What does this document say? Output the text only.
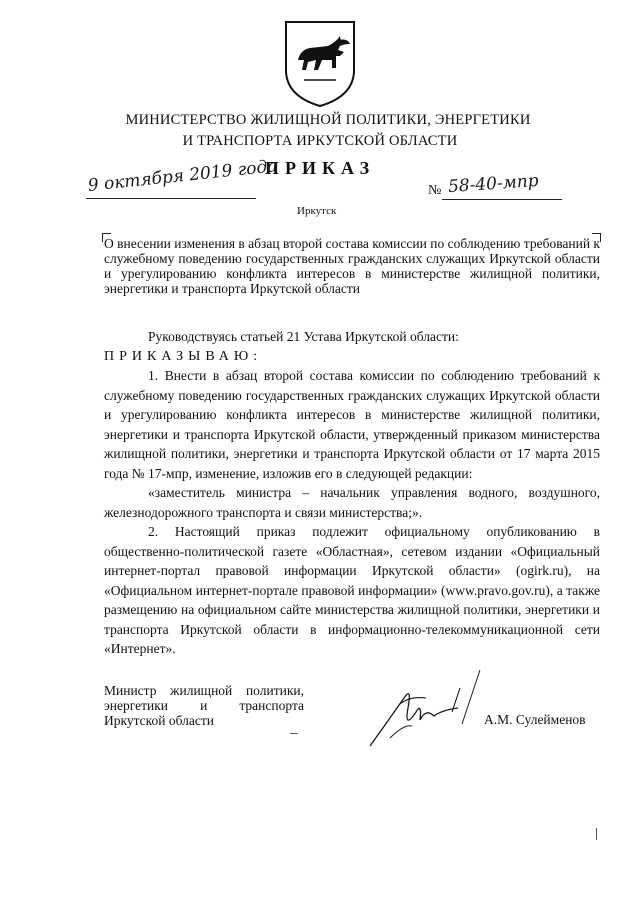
МИНИСТЕРСТВО ЖИЛИЩНОЙ ПОЛИТИКИ, ЭНЕРГЕТИКИ
И ТРАНСПОРТА ИРКУТСКОЙ ОБЛАСТИ
ПРИКАЗ
9 октября 2019 года	№ 58-40-мпр
Иркутск
О внесении изменения в абзац второй состава комиссии по соблюдению требований к служебному поведению государственных гражданских служащих Иркутской области и урегулированию конфликта интересов в министерстве жилищной политики, энергетики и транспорта Иркутской области

Руководствуясь статьей 21 Устава Иркутской области:

ПРИКАЗЫВАЮ:

1. Внести в абзац второй состава комиссии по соблюдению требований к служебному поведению государственных гражданских служащих Иркутской области и урегулированию конфликта интересов в министерстве жилищной политики, энергетики и транспорта Иркутской области, утвержденный приказом министерства жилищной политики, энергетики и транспорта Иркутской области от 17 марта 2015 года № 17-мпр, изменение, изложив его в следующей редакции:

«заместитель министра – начальник управления водного, воздушного, железнодорожного транспорта и связи министерства;».

2. Настоящий приказ подлежит официальному опубликованию в общественно-политической газете «Областная», сетевом издании «Официальный интернет-портал правовой информации Иркутской области» (ogirk.ru), на «Официальном интернет-портале правовой информации» (www.pravo.gov.ru), а также размещению на официальном сайте министерства жилищной политики, энергетики и транспорта Иркутской области в информационно-телекоммуникационной сети «Интернет».

Министр жилищной политики,
энергетики и транспорта
Иркутской области	А.М. Сулейменов
